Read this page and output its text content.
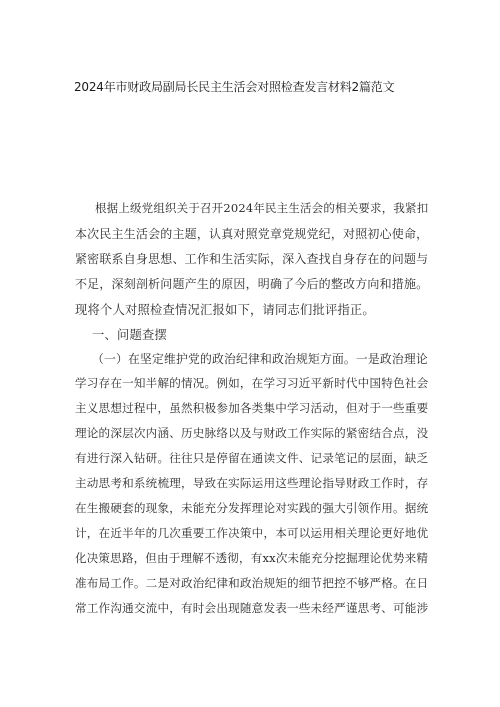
2024年市财政局副局长民主生活会对照检查发言材料2篇范文
根据上级党组织关于召开2024年民主生活会的相关要求，我紧扣
本次民主生活会的主题，认真对照党章党规党纪，对照初心使命，
紧密联系自身思想、工作和生活实际，深入查找自身存在的问题与
不足，深刻剖析问题产生的原因，明确了今后的整改方向和措施。
现将个人对照检查情况汇报如下，请同志们批评指正。
一、问题查摆
（一）在坚定维护党的政治纪律和政治规矩方面。一是政治理论
学习存在一知半解的情况。例如，在学习习近平新时代中国特色社会
主义思想过程中，虽然积极参加各类集中学习活动，但对于一些重要
理论的深层次内涵、历史脉络以及与财政工作实际的紧密结合点，没
有进行深入钻研。往往只是停留在通读文件、记录笔记的层面，缺乏
主动思考和系统梳理，导致在实际运用这些理论指导财政工作时，存
在生搬硬套的现象，未能充分发挥理论对实践的强大引领作用。据统
计，在近半年的几次重要工作决策中，本可以运用相关理论更好地优
化决策思路，但由于理解不透彻，有xx次未能充分挖掘理论优势来精
准布局工作。二是对政治纪律和政治规矩的细节把控不够严格。在日
常工作沟通交流中，有时会出现随意发表一些未经严谨思考、可能涉
